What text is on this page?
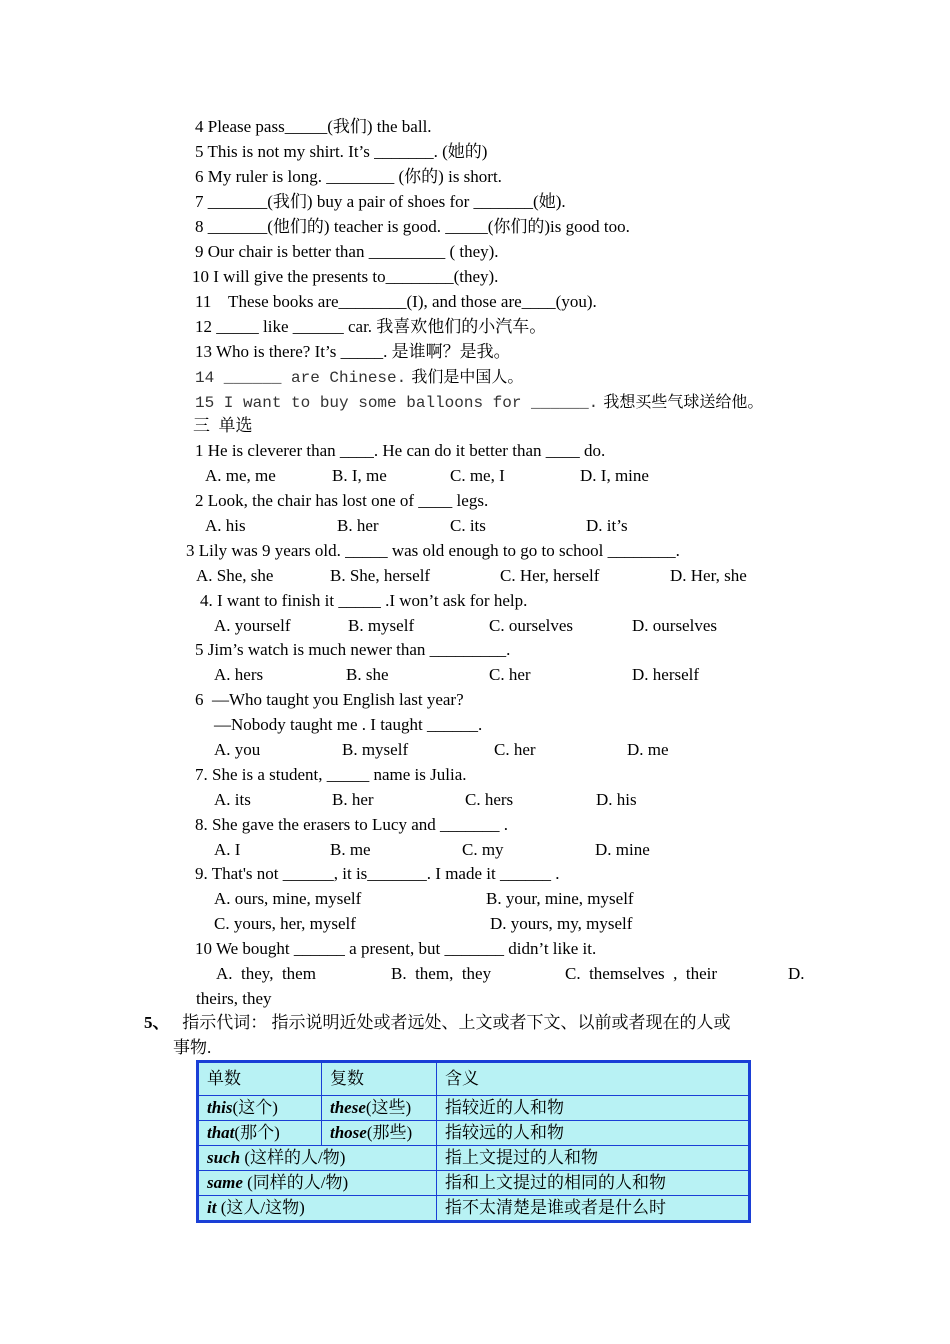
4 Please pass_____(我们) the ball.
5 This is not my shirt. It’s _______. (她的)
6 My ruler is long. ________ (你的) is short.
7 _______(我们) buy a pair of shoes for _______(她).
8 _______(他们的) teacher is good. _____(你们的)is good too.
9 Our chair is better than _________ ( they).
10 I will give the presents to________(they).
11    These books are________(I), and those are____(you).
12 _____ like ______ car. 我喜欢他们的小汽车。
13 Who is there? It’s _____. 是谁啊？是我。
14 ______ are Chinese. 我们是中国人。
15 I want to buy some balloons for ______. 我想买些气球送给他。
三  单选
1 He is cleverer than ____. He can do it better than ____ do.
A. me, me	B. I, me	C. me, I	D. I, mine
2 Look, the chair has lost one of ____ legs.
A. his	B. her	C. its	D. it’s
3 Lily was 9 years old. _____ was old enough to go to school ________.
A. She, she	B. She, herself	C. Her, herself	D. Her, she
4. I want to finish it _____ .I won’t ask for help.
A. yourself	B. myself	C. ourselves	D. ourselves
5 Jim’s watch is much newer than _________.
A. hers	B. she	C. her	D. herself
6  —Who taught you English last year?
—Nobody taught me . I taught ______.
A. you	B. myself	C. her	D. me
7. She is a student, _____ name is Julia.
A. its	B. her	C. hers	D. his
8. She gave the erasers to Lucy and _______ .
A. I	B. me	C. my	D. mine
9. That's not ______, it is_______. I made it ______ .
A. ours, mine, myself	B. your, mine, myself
C. yours, her, myself	D. yours, my, myself
10 We bought ______ a present, but _______ didn’t like it.
A.  they,  them	B.  them,  they	C.  themselves  ,  their	D.
theirs, they
5、 指示代词： 指示说明近处或者远处、上文或者下文、以前或者现在的人或
事物.
单数	复数	含义
this(这个)	these(这些)	指较近的人和物
that(那个)	those(那些)	指较远的人和物
such (这样的人/物)		指上文提过的人和物
same (同样的人/物)		指和上文提过的相同的人和物
it (这人/这物)		指不太清楚是谁或者是什么时
